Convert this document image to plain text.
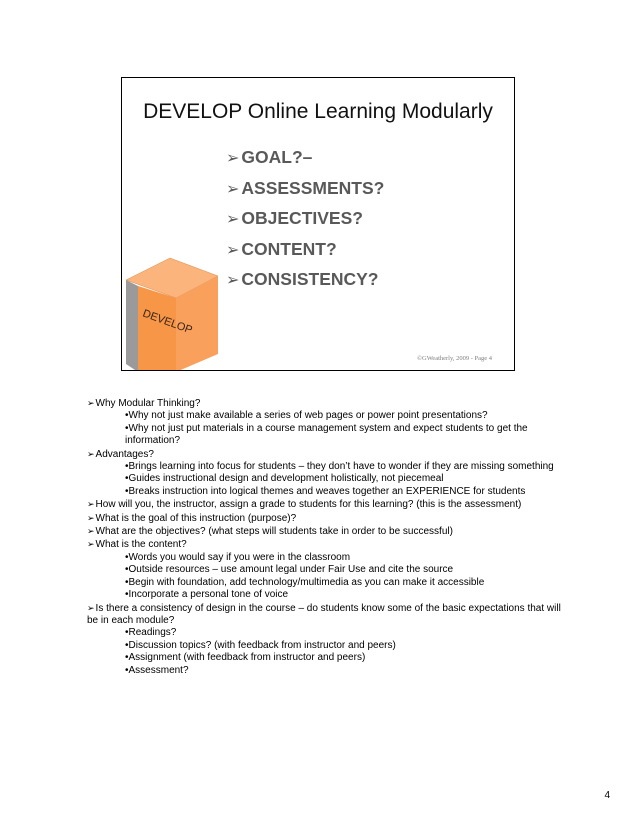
DEVELOP Online Learning Modularly
➢ GOAL?–
➢ ASSESSMENTS?
➢ OBJECTIVES?
➢ CONTENT?
➢ CONSISTENCY?
DEVELOP
©GWeatherly, 2009 - Page 4
➢Why Modular Thinking?
•Why not just make available a series of web pages or power point presentations?
•Why not just put materials in a course management system and expect students to get the information?
➢Advantages?
•Brings learning into focus for students – they don’t have to wonder if they are missing something
•Guides instructional design and development holistically, not piecemeal
•Breaks instruction into logical themes and weaves together an EXPERIENCE for students
➢How will you, the instructor, assign a grade to students for this learning? (this is the assessment)
➢What is the goal of this instruction (purpose)?
➢What are the objectives? (what steps will students take in order to be successful)
➢What is the content?
•Words you would say if you were in the classroom
•Outside resources – use amount legal under Fair Use and cite the source
•Begin with foundation, add technology/multimedia as you can make it accessible
•Incorporate a personal tone of voice
➢Is there a consistency of design in the course – do students know some of the basic expectations that will be in each module?
•Readings?
•Discussion topics? (with feedback from instructor and peers)
•Assignment (with feedback from instructor and peers)
•Assessment?
4
